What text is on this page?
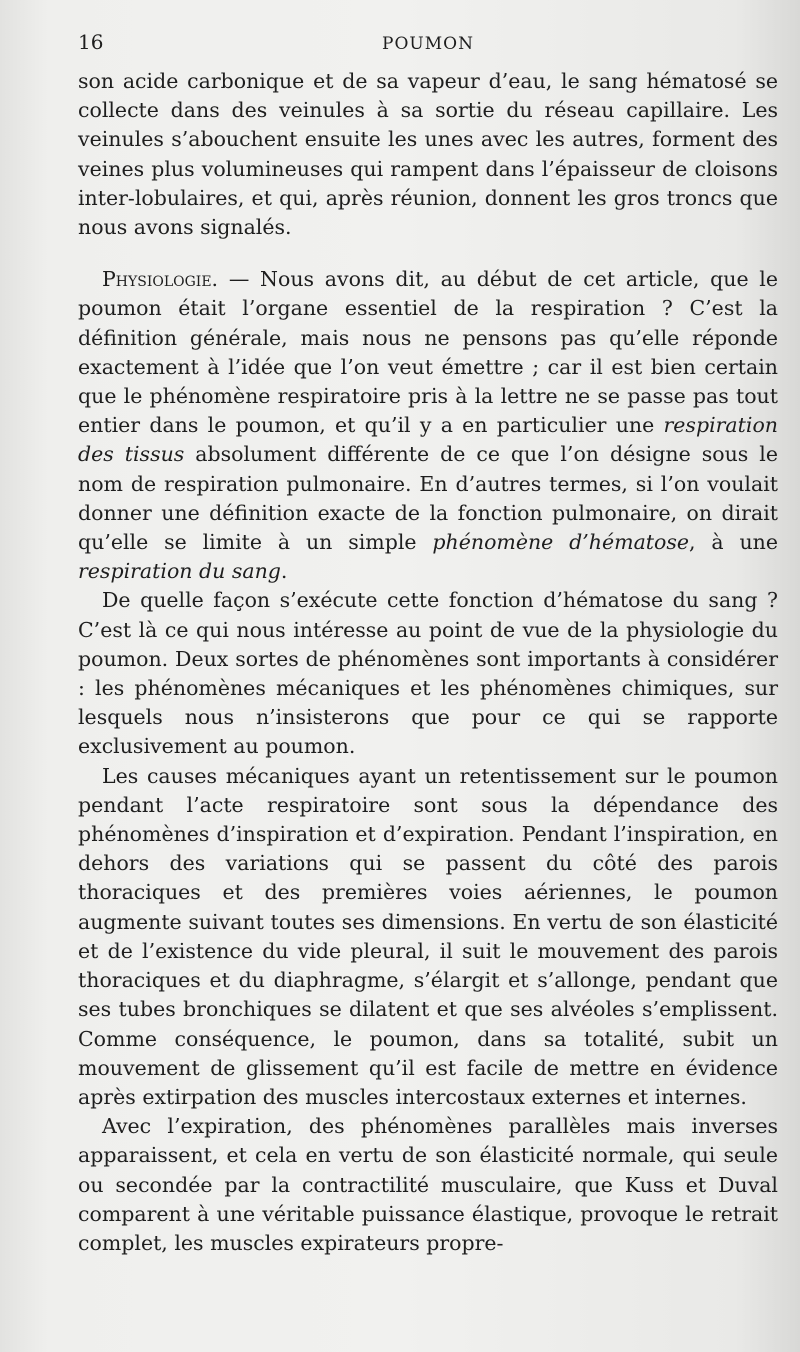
16	POUMON

son acide carbonique et de sa vapeur d’eau, le sang hématosé se collecte dans des veinules à sa sortie du réseau capillaire. Les veinules s’abouchent ensuite les unes avec les autres, forment des veines plus volumineuses qui rampent dans l’épaisseur de cloisons inter-lobulaires, et qui, après réunion, donnent les gros troncs que nous avons signalés.

Physiologie. — Nous avons dit, au début de cet article, que le poumon était l’organe essentiel de la respiration ? C’est la définition générale, mais nous ne pensons pas qu’elle réponde exactement à l’idée que l’on veut émettre ; car il est bien certain que le phénomène respiratoire pris à la lettre ne se passe pas tout entier dans le poumon, et qu’il y a en particulier une respiration des tissus absolument différente de ce que l’on désigne sous le nom de respiration pulmonaire. En d’autres termes, si l’on voulait donner une définition exacte de la fonction pulmonaire, on dirait qu’elle se limite à un simple phénomène d’hématose, à une respiration du sang.

De quelle façon s’exécute cette fonction d’hématose du sang ? C’est là ce qui nous intéresse au point de vue de la physiologie du poumon. Deux sortes de phénomènes sont importants à considérer : les phénomènes mécaniques et les phénomènes chimiques, sur lesquels nous n’insisterons que pour ce qui se rapporte exclusivement au poumon.

Les causes mécaniques ayant un retentissement sur le poumon pendant l’acte respiratoire sont sous la dépendance des phénomènes d’inspiration et d’expiration. Pendant l’inspiration, en dehors des variations qui se passent du côté des parois thoraciques et des premières voies aériennes, le poumon augmente suivant toutes ses dimensions. En vertu de son élasticité et de l’existence du vide pleural, il suit le mouvement des parois thoraciques et du diaphragme, s’élargit et s’allonge, pendant que ses tubes bronchiques se dilatent et que ses alvéoles s’emplissent. Comme conséquence, le poumon, dans sa totalité, subit un mouvement de glissement qu’il est facile de mettre en évidence après extirpation des muscles intercostaux externes et internes.

Avec l’expiration, des phénomènes parallèles mais inverses apparaissent, et cela en vertu de son élasticité normale, qui seule ou secondée par la contractilité musculaire, que Kuss et Duval comparent à une véritable puissance élastique, provoque le retrait complet, les muscles expirateurs propre-
